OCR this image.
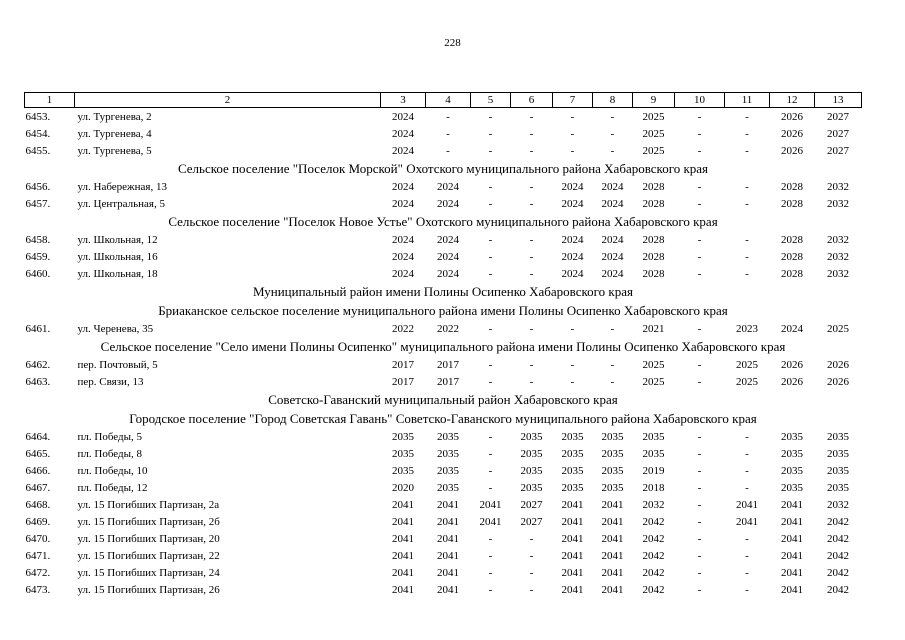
228
1	2	3	4	5	6	7	8	9	10	11	12	13
6453.	ул. Тургенева, 2	2024	-	-	-	-	-	2025	-	-	2026	2027
6454.	ул. Тургенева, 4	2024	-	-	-	-	-	2025	-	-	2026	2027
6455.	ул. Тургенева, 5	2024	-	-	-	-	-	2025	-	-	2026	2027
Сельское поселение "Поселок Морской" Охотского муниципального района Хабаровского края												
6456.	ул. Набережная, 13	2024	2024	-	-	2024	2024	2028	-	-	2028	2032
6457.	ул. Центральная, 5	2024	2024	-	-	2024	2024	2028	-	-	2028	2032
Сельское поселение "Поселок Новое Устье" Охотского муниципального района Хабаровского края												
6458.	ул. Школьная, 12	2024	2024	-	-	2024	2024	2028	-	-	2028	2032
6459.	ул. Школьная, 16	2024	2024	-	-	2024	2024	2028	-	-	2028	2032
6460.	ул. Школьная, 18	2024	2024	-	-	2024	2024	2028	-	-	2028	2032
Муниципальный район имени Полины Осипенко Хабаровского края												
Бриаканское сельское поселение муниципального района имени Полины Осипенко Хабаровского края												
6461.	ул. Черенева, 35	2022	2022	-	-	-	-	2021	-	2023	2024	2025
Сельское поселение "Село имени Полины Осипенко" муниципального района имени Полины Осипенко Хабаровского края												
6462.	пер. Почтовый, 5	2017	2017	-	-	-	-	2025	-	2025	2026	2026
6463.	пер. Связи, 13	2017	2017	-	-	-	-	2025	-	2025	2026	2026
Советско-Гаванский муниципальный район Хабаровского края												
Городское поселение "Город Советская Гавань" Советско-Гаванского муниципального района Хабаровского края												
6464.	пл. Победы, 5	2035	2035	-	2035	2035	2035	2035	-	-	2035	2035
6465.	пл. Победы, 8	2035	2035	-	2035	2035	2035	2035	-	-	2035	2035
6466.	пл. Победы, 10	2035	2035	-	2035	2035	2035	2019	-	-	2035	2035
6467.	пл. Победы, 12	2020	2035	-	2035	2035	2035	2018	-	-	2035	2035
6468.	ул. 15 Погибших Партизан, 2а	2041	2041	2041	2027	2041	2041	2032	-	2041	2041	2032
6469.	ул. 15 Погибших Партизан, 2б	2041	2041	2041	2027	2041	2041	2042	-	2041	2041	2042
6470.	ул. 15 Погибших Партизан, 20	2041	2041	-	-	2041	2041	2042	-	-	2041	2042
6471.	ул. 15 Погибших Партизан, 22	2041	2041	-	-	2041	2041	2042	-	-	2041	2042
6472.	ул. 15 Погибших Партизан, 24	2041	2041	-	-	2041	2041	2042	-	-	2041	2042
6473.	ул. 15 Погибших Партизан, 26	2041	2041	-	-	2041	2041	2042	-	-	2041	2042
